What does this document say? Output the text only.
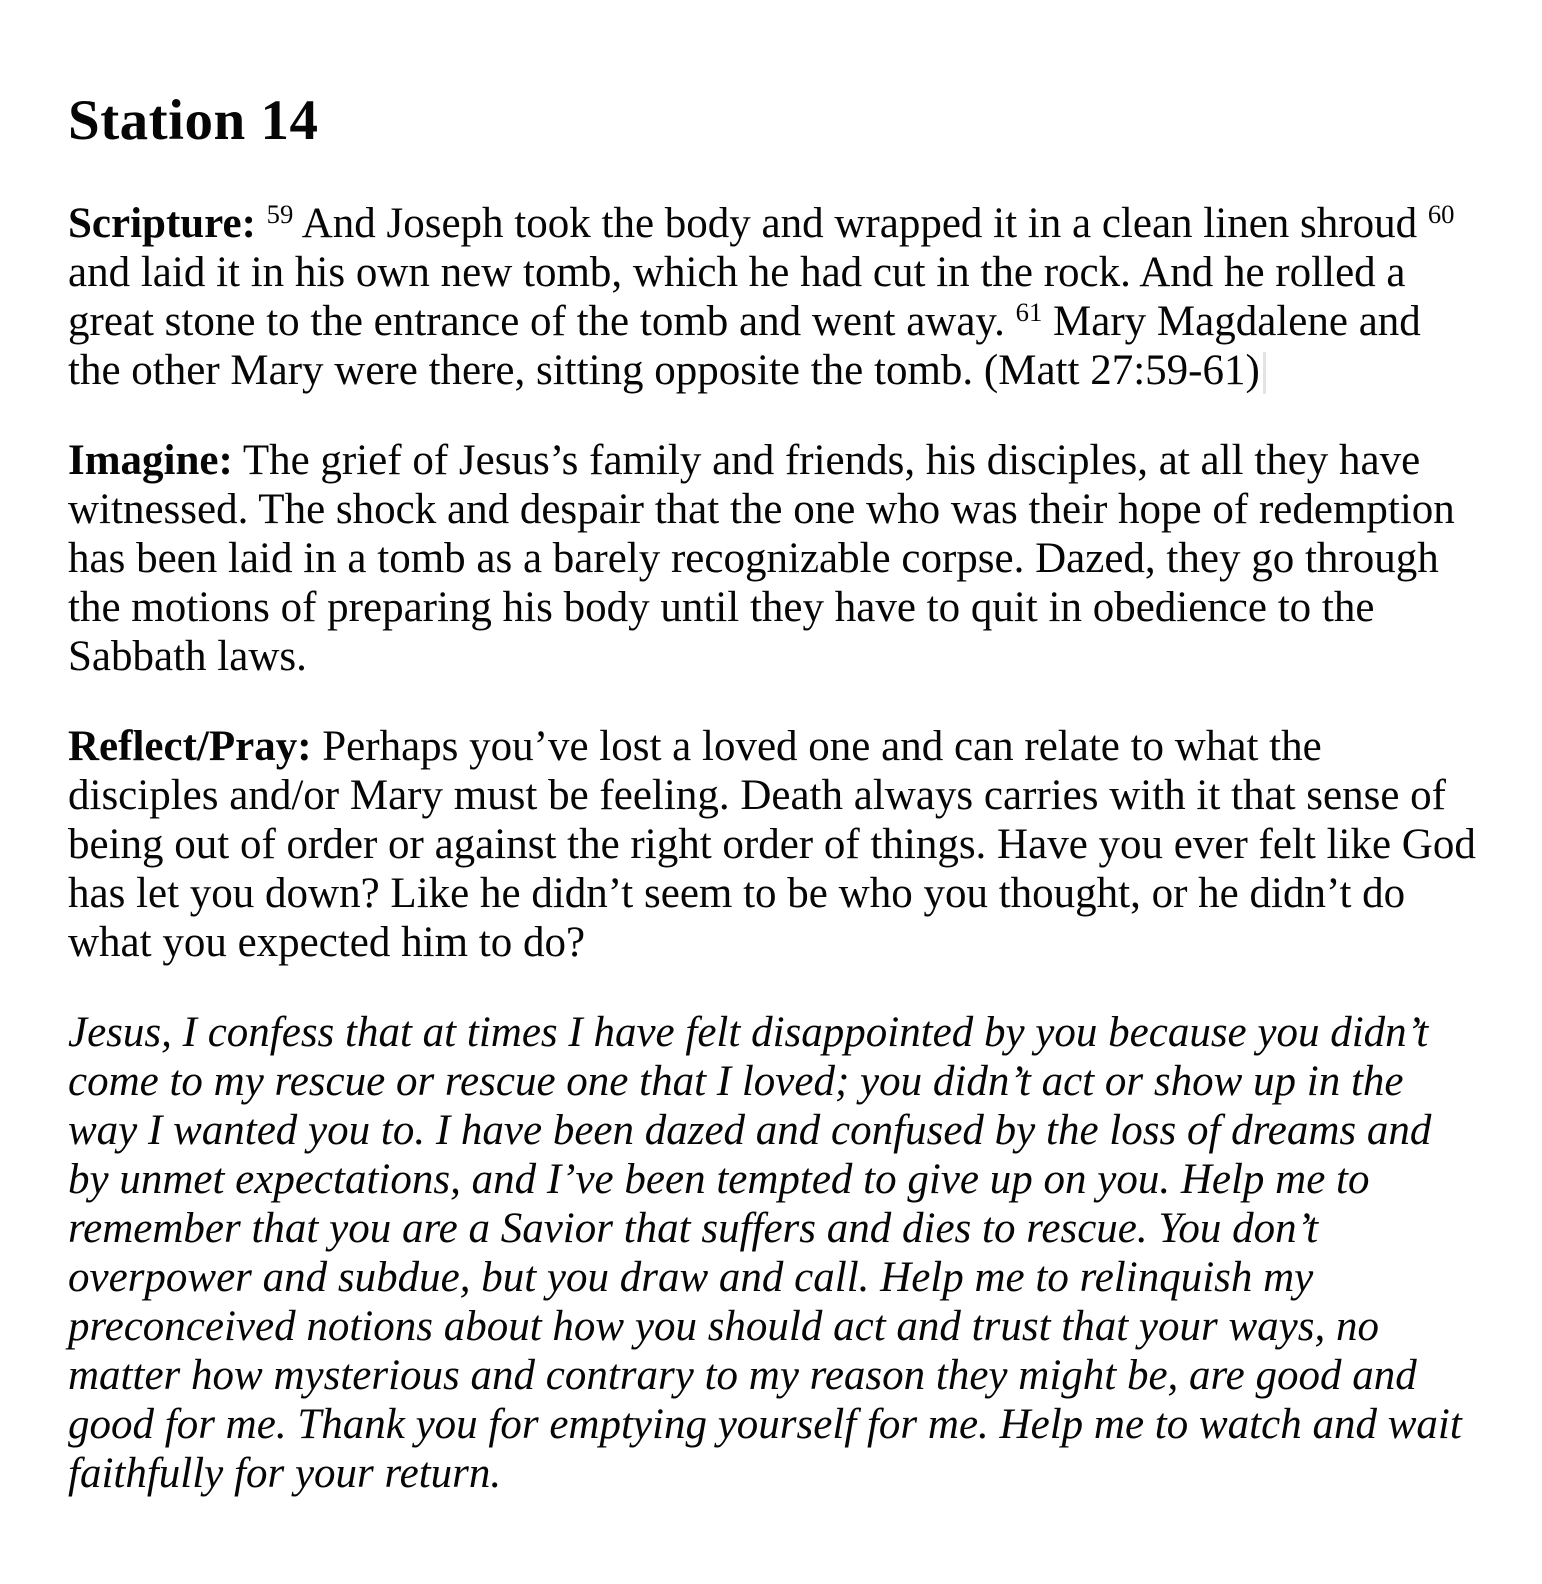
Station 14

Scripture: $^{59}$ And Joseph took the body and wrapped it in a clean linen shroud $^{60}$ and laid it in his own new tomb, which he had cut in the rock. And he rolled a great stone to the entrance of the tomb and went away. $^{61}$ Mary Magdalene and the other Mary were there, sitting opposite the tomb. (Matt 27:59-61)

Imagine: The grief of Jesus’s family and friends, his disciples, at all they have witnessed. The shock and despair that the one who was their hope of redemption has been laid in a tomb as a barely recognizable corpse. Dazed, they go through the motions of preparing his body until they have to quit in obedience to the Sabbath laws.

Reflect/Pray: Perhaps you’ve lost a loved one and can relate to what the disciples and/or Mary must be feeling. Death always carries with it that sense of being out of order or against the right order of things. Have you ever felt like God has let you down? Like he didn’t seem to be who you thought, or he didn’t do what you expected him to do?

Jesus, I confess that at times I have felt disappointed by you because you didn’t come to my rescue or rescue one that I loved; you didn’t act or show up in the way I wanted you to. I have been dazed and confused by the loss of dreams and by unmet expectations, and I’ve been tempted to give up on you. Help me to remember that you are a Savior that suffers and dies to rescue. You don’t overpower and subdue, but you draw and call. Help me to relinquish my preconceived notions about how you should act and trust that your ways, no matter how mysterious and contrary to my reason they might be, are good and good for me. Thank you for emptying yourself for me. Help me to watch and wait faithfully for your return.
